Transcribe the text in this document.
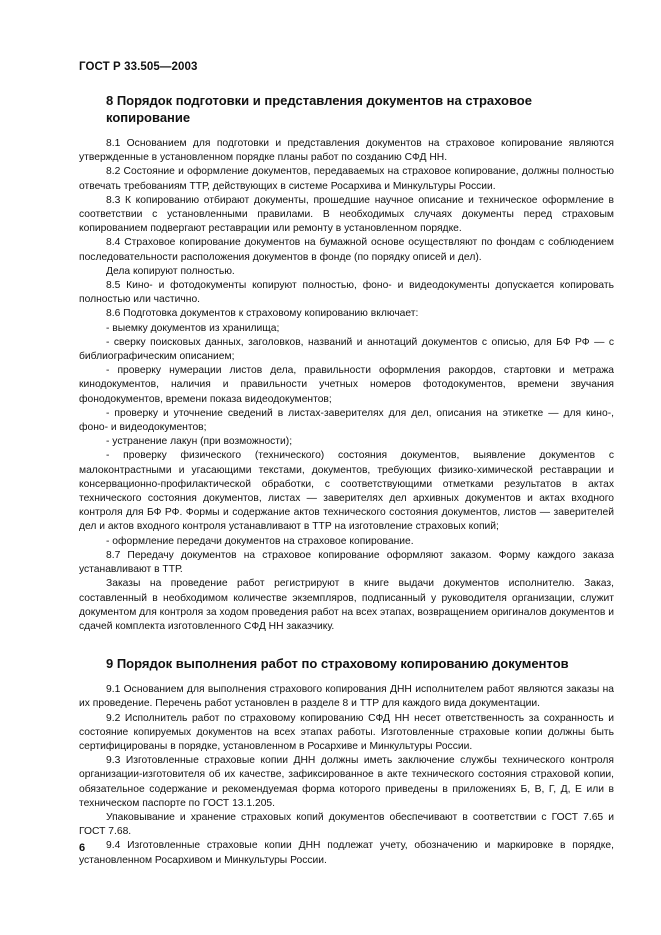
ГОСТ Р 33.505—2003
8 Порядок подготовки и представления документов на страховое копирование

8.1 Основанием для подготовки и представления документов на страховое копирование являются утвержденные в установленном порядке планы работ по созданию СФД НН.

8.2 Состояние и оформление документов, передаваемых на страховое копирование, должны полностью отвечать требованиям ТТР, действующих в системе Росархива и Минкультуры России.

8.3 К копированию отбирают документы, прошедшие научное описание и техническое оформление в соответствии с установленными правилами. В необходимых случаях документы перед страховым копированием подвергают реставрации или ремонту в установленном порядке.

8.4 Страховое копирование документов на бумажной основе осуществляют по фондам с соблюдением последовательности расположения документов в фонде (по порядку описей и дел).

Дела копируют полностью.

8.5 Кино- и фотодокументы копируют полностью, фоно- и видеодокументы допускается копировать полностью или частично.

8.6 Подготовка документов к страховому копированию включает:

- выемку документов из хранилища;

- сверку поисковых данных, заголовков, названий и аннотаций документов с описью, для БФ РФ — с библиографическим описанием;

- проверку нумерации листов дела, правильности оформления ракордов, стартовки и метража кинодокументов, наличия и правильности учетных номеров фотодокументов, времени звучания фонодокументов, времени показа видеодокументов;

- проверку и уточнение сведений в листах-заверителях для дел, описания на этикетке — для кино-, фоно- и видеодокументов;

- устранение лакун (при возможности);

- проверку физического (технического) состояния документов, выявление документов с малоконтрастными и угасающими текстами, документов, требующих физико-химической реставрации и консервационно-профилактической обработки, с соответствующими отметками результатов в актах технического состояния документов, листах — заверителях дел архивных документов и актах входного контроля для БФ РФ. Формы и содержание актов технического состояния документов, листов — заверителей дел и актов входного контроля устанавливают в ТТР на изготовление страховых копий;

- оформление передачи документов на страховое копирование.

8.7 Передачу документов на страховое копирование оформляют заказом. Форму каждого заказа устанавливают в ТТР.

Заказы на проведение работ регистрируют в книге выдачи документов исполнителю. Заказ, составленный в необходимом количестве экземпляров, подписанный у руководителя организации, служит документом для контроля за ходом проведения работ на всех этапах, возвращением оригиналов документов и сдачей комплекта изготовленного СФД НН заказчику.

9 Порядок выполнения работ по страховому копированию документов

9.1 Основанием для выполнения страхового копирования ДНН исполнителем работ являются заказы на их проведение. Перечень работ установлен в разделе 8 и ТТР для каждого вида документации.

9.2 Исполнитель работ по страховому копированию СФД НН несет ответственность за сохранность и состояние копируемых документов на всех этапах работы. Изготовленные страховые копии должны быть сертифицированы в порядке, установленном в Росархиве и Минкультуры России.

9.3 Изготовленные страховые копии ДНН должны иметь заключение службы технического контроля организации-изготовителя об их качестве, зафиксированное в акте технического состояния страховой копии, обязательное содержание и рекомендуемая форма которого приведены в приложениях Б, В, Г, Д, Е или в техническом паспорте по ГОСТ 13.1.205.

Упаковывание и хранение страховых копий документов обеспечивают в соответствии с ГОСТ 7.65 и ГОСТ 7.68.

9.4 Изготовленные страховые копии ДНН подлежат учету, обозначению и маркировке в порядке, установленном Росархивом и Минкультуры России.

6
